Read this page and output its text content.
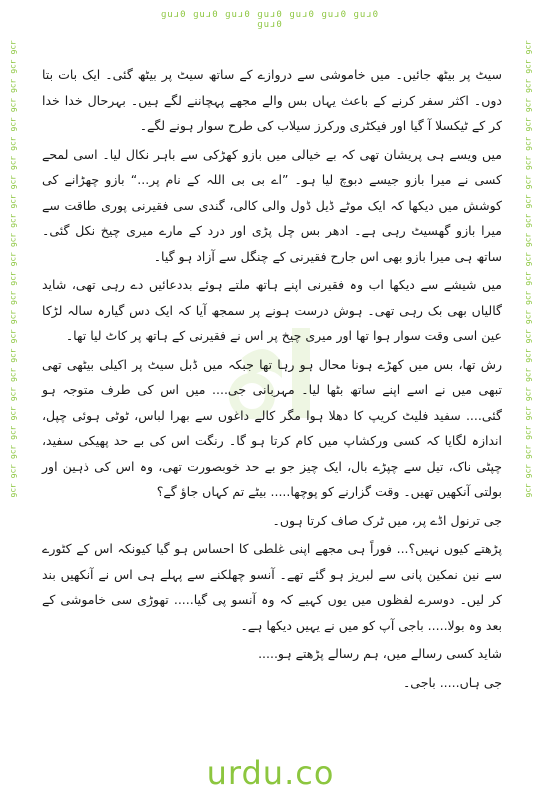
ɡuɹ0 ɡuɹ0 ɡuɹ0 ɡuɹ0 ɡuɹ0 ɡuɹ0 ɡuɹ0 ɡuɹ0
ɹɔ6 ɹɔ6 ɹɔ6 ɹɔ6 ɹɔ6 ɹɔ6 ɹɔ6 ɹɔ6 ɹɔ6 ɹɔ6 ɹɔ6 ɹɔ6 ɹɔ6 ɹɔ6 ɹɔ6 ɹɔ6 ɹɔ6 ɹɔ6 ɹɔ6 ɹɔ6 ɹɔ6 ɹɔ6 ɹɔ6 ɹɔ6	ɹɔ6 ɹɔ6 ɹɔ6 ɹɔ6 ɹɔ6 ɹɔ6 ɹɔ6 ɹɔ6 ɹɔ6 ɹɔ6 ɹɔ6 ɹɔ6 ɹɔ6 ɹɔ6 ɹɔ6 ɹɔ6 ɹɔ6 ɹɔ6 ɹɔ6 ɹɔ6 ɹɔ6 ɹɔ6 ɹɔ6 ɹɔ6

سیٹ پر بیٹھ جائیں۔ میں خاموشی سے دروازے کے ساتھ سیٹ پر بیٹھ گئی۔ ایک بات بتا دوں۔ اکثر سفر کرنے کے باعث یہاں بس والے مجھے پہچاننے لگے ہیں۔ بہرحال خدا خدا کر کے ٹیکسلا آ گیا اور فیکٹری ورکرز سیلاب کی طرح سوار ہونے لگے۔

میں ویسے ہی پریشان تھی کہ بے خیالی میں بازو کھڑکی سے باہر نکال لیا۔ اسی لمحے کسی نے میرا بازو جیسے دبوچ لیا ہو۔ ”اے بی بی اللہ کے نام پر...“ بازو چھڑانے کی کوشش میں دیکھا کہ ایک موٹے ڈیل ڈول والی کالی، گندی سی فقیرنی پوری طاقت سے میرا بازو گھسیٹ رہی ہے۔ ادھر بس چل پڑی اور درد کے مارے میری چیخ نکل گئی۔ ساتھ ہی میرا بازو بھی اس جارح فقیرنی کے چنگل سے آزاد ہو گیا۔

میں شیشے سے دیکھا اب وہ فقیرنی اپنے ہاتھ ملتے ہوئے بددعائیں دے رہی تھی، شاید گالیاں بھی بک رہی تھی۔ ہوش درست ہونے پر سمجھ آیا کہ ایک دس گیارہ سالہ لڑکا عین اسی وقت سوار ہوا تھا اور میری چیخ پر اس نے فقیرنی کے ہاتھ پر کاٹ لیا تھا۔

رش تھا، بس میں کھڑے ہونا محال ہو رہا تھا جبکہ میں ڈبل سیٹ پر اکیلی بیٹھی تھی تبھی میں نے اسے اپنے ساتھ بٹھا لیا۔ مہربانی جی.... میں اس کی طرف متوجہ ہو گئی.... سفید فلیٹ کریپ کا دھلا ہوا مگر کالے داغوں سے بھرا لباس، ٹوٹی ہوئی چپل، اندازہ لگایا کہ کسی ورکشاپ میں کام کرتا ہو گا۔ رنگت اس کی بے حد پھیکی سفید، چپٹی ناک، تیل سے چپڑے بال، ایک چیز جو بے حد خوبصورت تھی، وہ اس کی ذہین اور بولتی آنکھیں تھیں۔ وقت گزارنے کو پوچھا..... بیٹے تم کہاں جاؤ گے؟

جی ترنول اڈے پر، میں ٹرک صاف کرتا ہوں۔

پڑھتے کیوں نہیں؟... فوراً ہی مجھے اپنی غلطی کا احساس ہو گیا کیونکہ اس کے کٹورے سے نین نمکین پانی سے لبریز ہو گئے تھے۔ آنسو چھلکنے سے پہلے ہی اس نے آنکھیں بند کر لیں۔ دوسرے لفظوں میں یوں کہیے کہ وہ آنسو پی گیا..... تھوڑی سی خاموشی کے بعد وہ بولا..... باجی آپ کو میں نے یہیں دیکھا ہے۔

شاید کسی رسالے میں، ہم رسالے پڑھتے ہو.....

جی ہاں..... باجی۔

urdu.co
